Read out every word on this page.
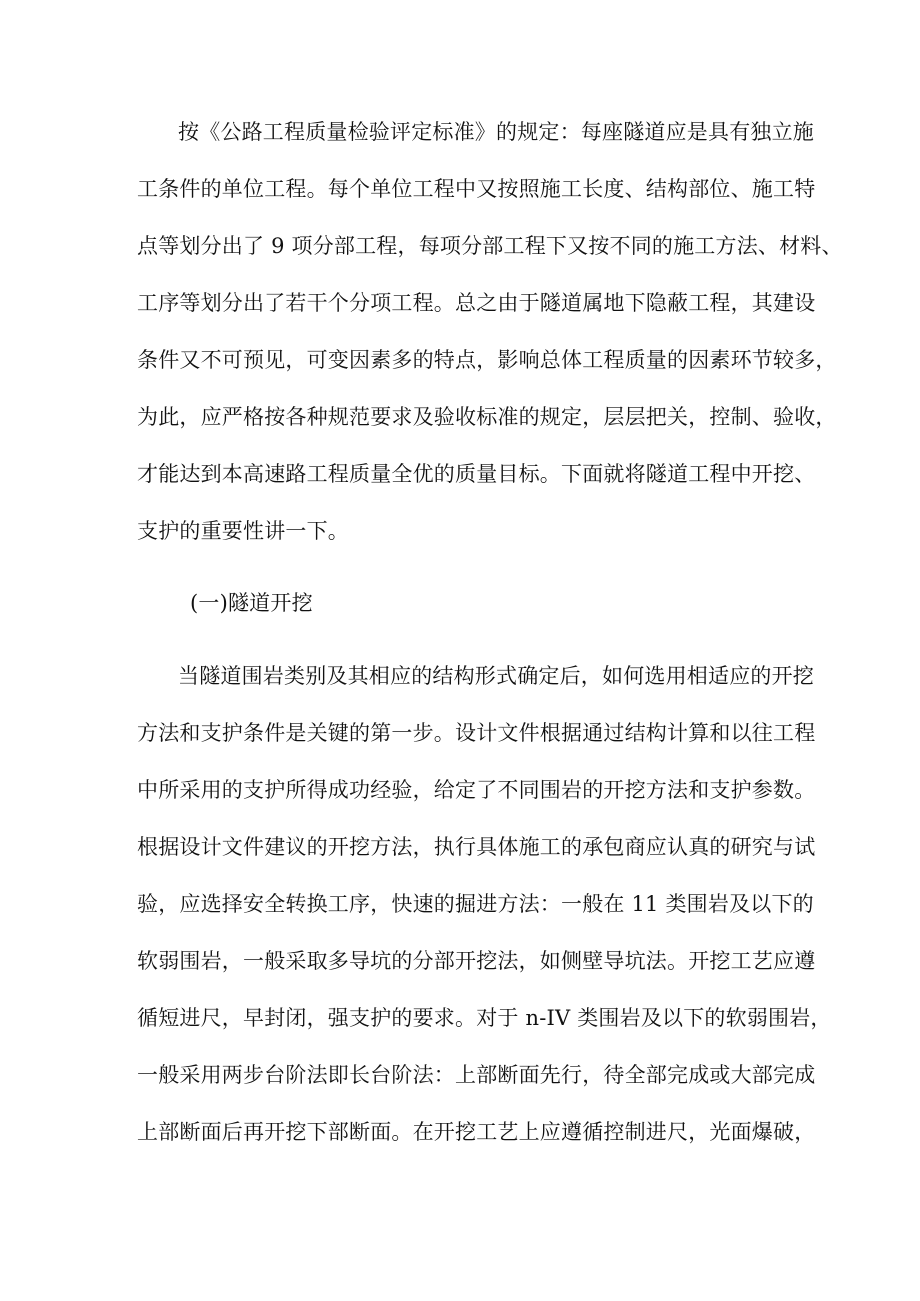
按《公路工程质量检验评定标准》的规定：每座隧道应是具有独立施
工条件的单位工程。每个单位工程中又按照施工长度、结构部位、施工特
点等划分出了 9 项分部工程，每项分部工程下又按不同的施工方法、材料、
工序等划分出了若干个分项工程。总之由于隧道属地下隐蔽工程，其建设
条件又不可预见，可变因素多的特点，影响总体工程质量的因素环节较多，
为此，应严格按各种规范要求及验收标准的规定，层层把关，控制、验收，
才能达到本高速路工程质量全优的质量目标。下面就将隧道工程中开挖、
支护的重要性讲一下。
(一)隧道开挖
当隧道围岩类别及其相应的结构形式确定后，如何选用相适应的开挖
方法和支护条件是关键的第一步。设计文件根据通过结构计算和以往工程
中所采用的支护所得成功经验，给定了不同围岩的开挖方法和支护参数。
根据设计文件建议的开挖方法，执行具体施工的承包商应认真的研究与试
验，应选择安全转换工序，快速的掘进方法：一般在 11 类围岩及以下的
软弱围岩，一般采取多导坑的分部开挖法，如侧壁导坑法。开挖工艺应遵
循短进尺，早封闭，强支护的要求。对于 n-IV 类围岩及以下的软弱围岩，
一般采用两步台阶法即长台阶法：上部断面先行，待全部完成或大部完成
上部断面后再开挖下部断面。在开挖工艺上应遵循控制进尺，光面爆破，
